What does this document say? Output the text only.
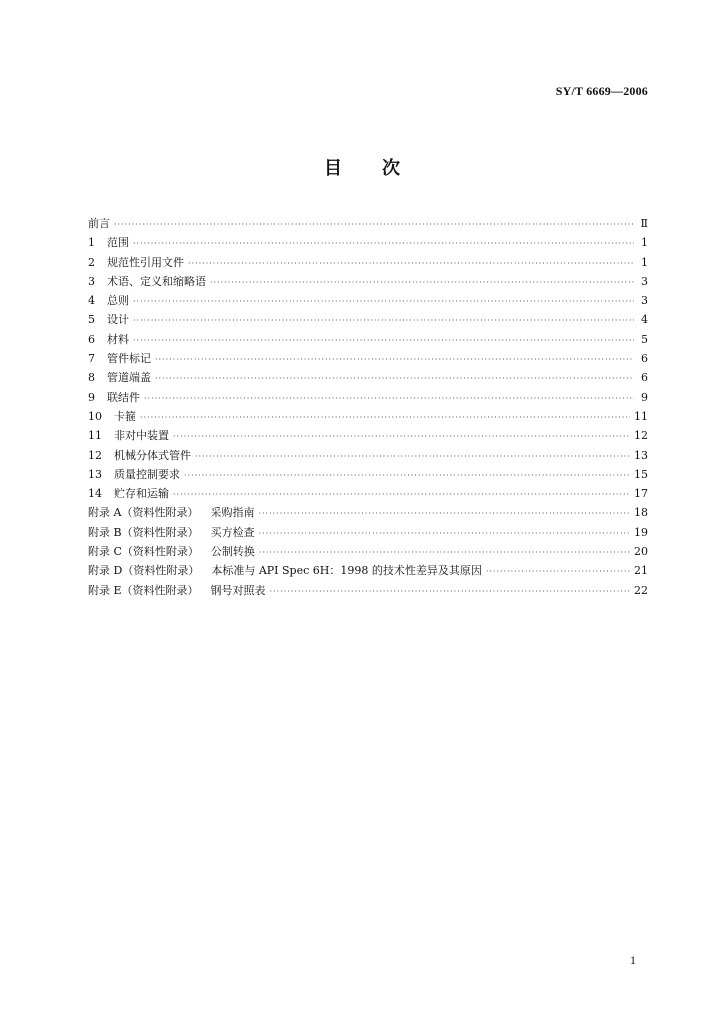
SY/T 6669—2006
目 次
前言 ·····	Ⅱ
1	范围 ·····	1
2	规范性引用文件 ·····	1
3	术语、定义和缩略语 ·····	3
4	总则 ·····	3
5	设计 ·····	4
6	材料 ·····	5
7	管件标记 ·····	6
8	管道端盖 ·····	6
9	联结件 ·····	9
10	卡箍 ·····	11
11	非对中装置 ·····	12
12	机械分体式管件 ·····	13
13	质量控制要求 ·····	15
14	贮存和运输 ·····	17
附录 A（资料性附录）	采购指南 ·····	18
附录 B（资料性附录）	买方检查 ·····	19
附录 C（资料性附录）	公制转换 ·····	20
附录 D（资料性附录）	本标准与 API Spec 6H：1998 的技术性差异及其原因 ·····	21
附录 E（资料性附录）	钢号对照表 ·····	22
1
